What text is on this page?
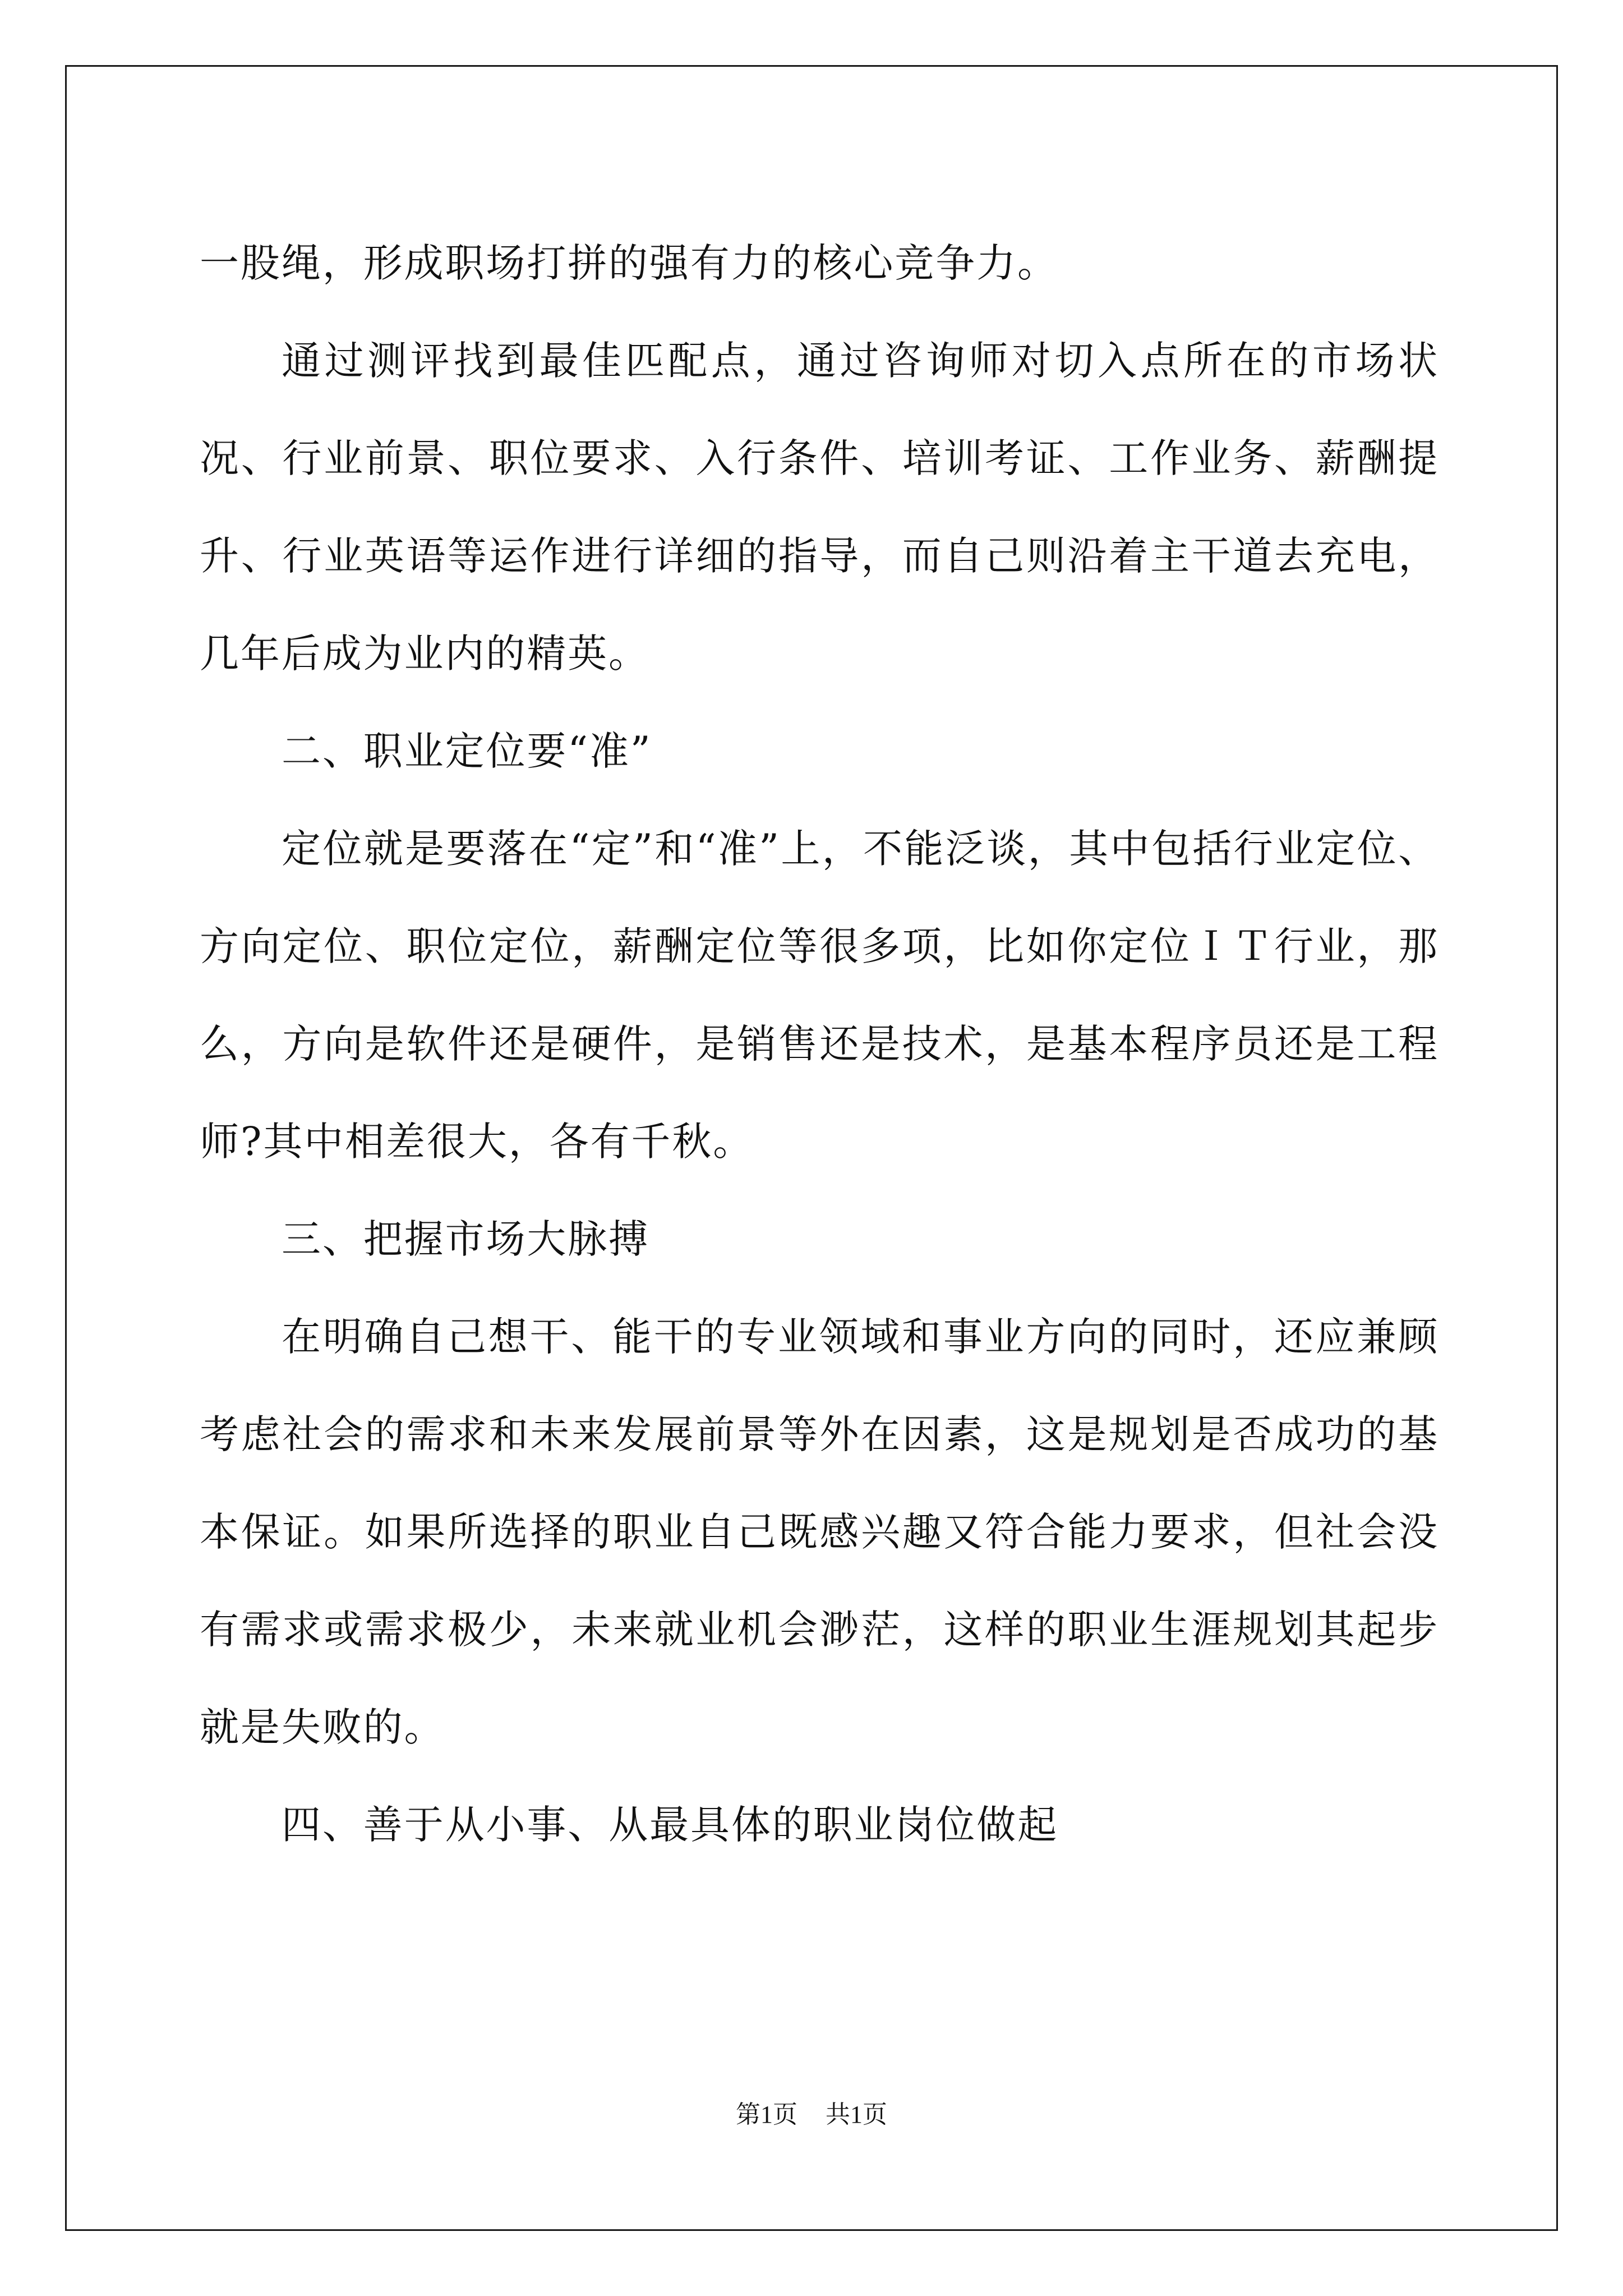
一股绳，形成职场打拼的强有力的核心竞争力。

通过测评找到最佳匹配点，通过咨询师对切入点所在的市场状况、行业前景、职位要求、入行条件、培训考证、工作业务、薪酬提升、行业英语等运作进行详细的指导，而自己则沿着主干道去充电，几年后成为业内的精英。

二、职业定位要“准”

定位就是要落在“定”和“准”上，不能泛谈，其中包括行业定位、方向定位、职位定位，薪酬定位等很多项，比如你定位ＩＴ行业，那么，方向是软件还是硬件，是销售还是技术，是基本程序员还是工程师?其中相差很大，各有千秋。

三、把握市场大脉搏

在明确自己想干、能干的专业领域和事业方向的同时，还应兼顾考虑社会的需求和未来发展前景等外在因素，这是规划是否成功的基本保证。如果所选择的职业自己既感兴趣又符合能力要求，但社会没有需求或需求极少，未来就业机会渺茫，这样的职业生涯规划其起步就是失败的。

四、善于从小事、从最具体的职业岗位做起

第1页 共1页
